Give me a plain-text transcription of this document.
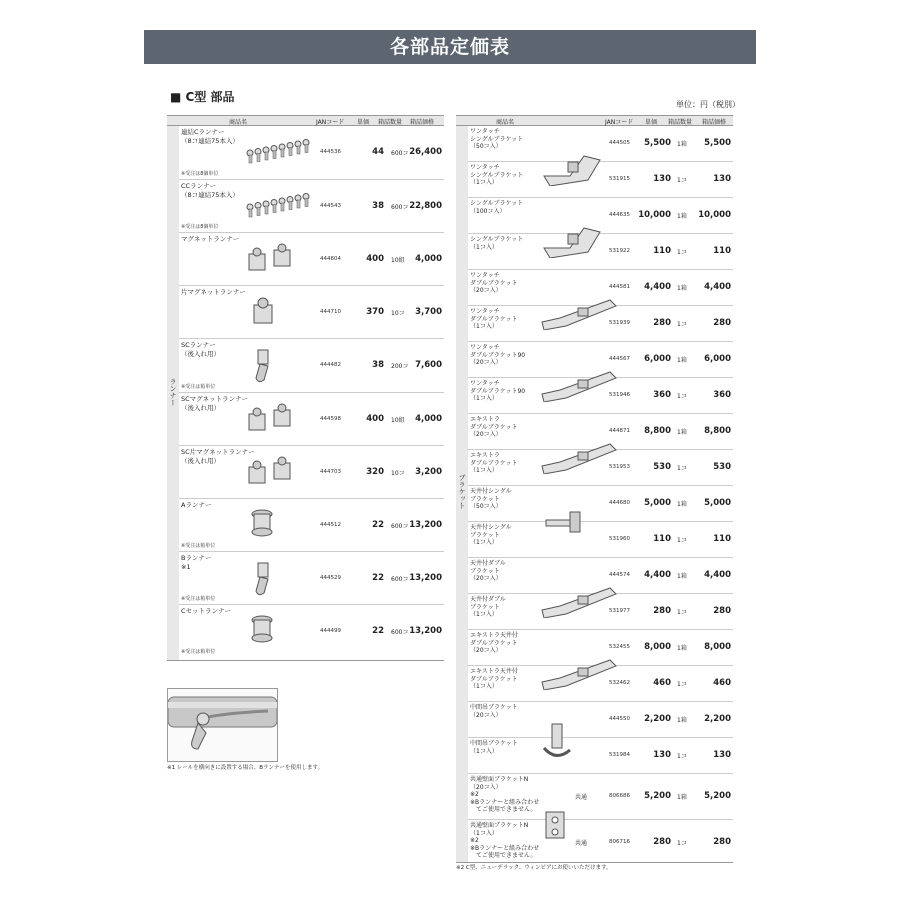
各部品定価表
■ C型 部品
単位：円（税別）
商品名	JANコード 単価 箱詰数量 箱詰価格
ランナー
連結Cランナー
（8コ連結75本入）
※受注は8個単位
444536	44 600コ 26,400
CCランナー
（8コ連結75本入）
※受注は8個単位
444543	38 600コ 22,800
マグネットランナー
444604	400 10組	4,000
片マグネットランナー
444710	370 10コ	3,700
SCランナー
（後入れ用）
※受注は箱単位
444482	38 200コ 7,600
SCマグネットランナー
（後入れ用）
444598	400 10組	4,000
SC片マグネットランナー
（後入れ用）
444703	320 10コ	3,200
Aランナー
※受注は箱単位
444512	22 600コ 13,200
Bランナー
※1
※受注は箱単位
444529	22 600コ 13,200
Cセットランナー
※受注は箱単位
444499	22 600コ 13,200
商品名	JANコード 単価 箱詰数量 箱詰価格
ブラケット
ワンタッチ
シングルブラケット
（50コ入）
444505	5,500 1箱	5,500
ワンタッチ
シングルブラケット
（1コ入）
531915	130 1コ	130
シングルブラケット
（100コ入）
444635 10,000 1箱	10,000
シングルブラケット
（1コ入）
531922	110 1コ	110
ワンタッチ
ダブルブラケット
（20コ入）
444581	4,400 1箱	4,400
ワンタッチ
ダブルブラケット
（1コ入）
531939	280 1コ	280
ワンタッチ
ダブルブラケット90
（20コ入）
444567	6,000 1箱	6,000
ワンタッチ
ダブルブラケット90
（1コ入）
531946	360 1コ	360
エキストラ
ダブルブラケット
（20コ入）
444871	8,800 1箱	8,800
エキストラ
ダブルブラケット
（1コ入）
531953	530 1コ	530
天井付シングル
ブラケット
（50コ入）
444680	5,000 1箱	5,000
天井付シングル
ブラケット
（1コ入）
531960	110 1コ	110
天井付ダブル
ブラケット
（20コ入）
444574	4,400 1箱	4,400
天井付ダブル
ブラケット
（1コ入）
531977	280 1コ	280
エキストラ天井付
ダブルブラケット
（20コ入）
532455	8,000 1箱	8,000
エキストラ天井付
ダブルブラケット
（1コ入）
532462	460 1コ	460
中間吊ブラケット
（20コ入）
444550	2,200 1箱	2,200
中間吊ブラケット
（1コ入）
531984	130 1コ	130
共通壁面ブラケットN
（20コ入）
※2
※Bランナーと組み合わせ
　てご使用できません。
共通	806686	5,200 1箱	5,200
共通壁面ブラケットN
（1コ入）
※2
※Bランナーと組み合わせ
　てご使用できません。
共通	806716	280 1コ	280
※1 レールを横向きに設置する場合、Bランナーを使用します。
※2 C型、ニューデラック、ウィンピアにお使いいただけます。
